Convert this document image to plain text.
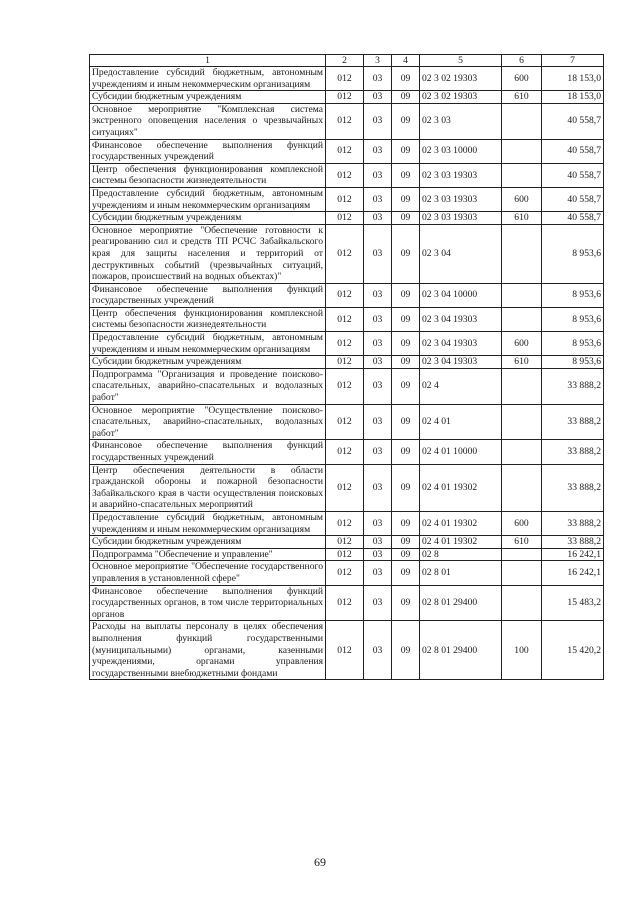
1	2	3	4	5	6	7
Предоставление субсидий бюджетным, автономным учреждениям и иным некоммерческим организациям	012	03	09	02 3 02 19303	600	18 153,0
Субсидии бюджетным учреждениям	012	03	09	02 3 02 19303	610	18 153,0
Основное мероприятие "Комплексная система экстренного оповещения населения о чрезвычайных ситуациях"	012	03	09	02 3 03		40 558,7
Финансовое обеспечение выполнения функций государственных учреждений	012	03	09	02 3 03 10000		40 558,7
Центр обеспечения функционирования комплексной системы безопасности жизнедеятельности	012	03	09	02 3 03 19303		40 558,7
Предоставление субсидий бюджетным, автономным учреждениям и иным некоммерческим организациям	012	03	09	02 3 03 19303	600	40 558,7
Субсидии бюджетным учреждениям	012	03	09	02 3 03 19303	610	40 558,7
Основное мероприятие "Обеспечение готовности к реагированию сил и средств ТП РСЧС Забайкальского края для защиты населения и территорий от деструктивных событий (чрезвычайных ситуаций, пожаров, происшествий на водных объектах)"	012	03	09	02 3 04		8 953,6
Финансовое обеспечение выполнения функций государственных учреждений	012	03	09	02 3 04 10000		8 953,6
Центр обеспечения функционирования комплексной системы безопасности жизнедеятельности	012	03	09	02 3 04 19303		8 953,6
Предоставление субсидий бюджетным, автономным учреждениям и иным некоммерческим организациям	012	03	09	02 3 04 19303	600	8 953,6
Субсидии бюджетным учреждениям	012	03	09	02 3 04 19303	610	8 953,6
Подпрограмма "Организация и проведение поисково-спасательных, аварийно-спасательных и водолазных работ"	012	03	09	02 4		33 888,2
Основное мероприятие "Осуществление поисково-спасательных, аварийно-спасательных, водолазных работ"	012	03	09	02 4 01		33 888,2
Финансовое обеспечение выполнения функций государственных учреждений	012	03	09	02 4 01 10000		33 888,2
Центр обеспечения деятельности в области гражданской обороны и пожарной безопасности Забайкальского края в части осуществления поисковых и аварийно-спасательных мероприятий	012	03	09	02 4 01 19302		33 888,2
Предоставление субсидий бюджетным, автономным учреждениям и иным некоммерческим организациям	012	03	09	02 4 01 19302	600	33 888,2
Субсидии бюджетным учреждениям	012	03	09	02 4 01 19302	610	33 888,2
Подпрограмма "Обеспечение и управление"	012	03	09	02 8		16 242,1
Основное мероприятие "Обеспечение государственного управления в установленной сфере"	012	03	09	02 8 01		16 242,1
Финансовое обеспечение выполнения функций государственных органов, в том числе территориальных органов	012	03	09	02 8 01 29400		15 483,2
Расходы на выплаты персоналу в целях обеспечения выполнения функций государственными (муниципальными) органами, казенными учреждениями, органами управления государственными внебюджетными фондами	012	03	09	02 8 01 29400	100	15 420,2
69
